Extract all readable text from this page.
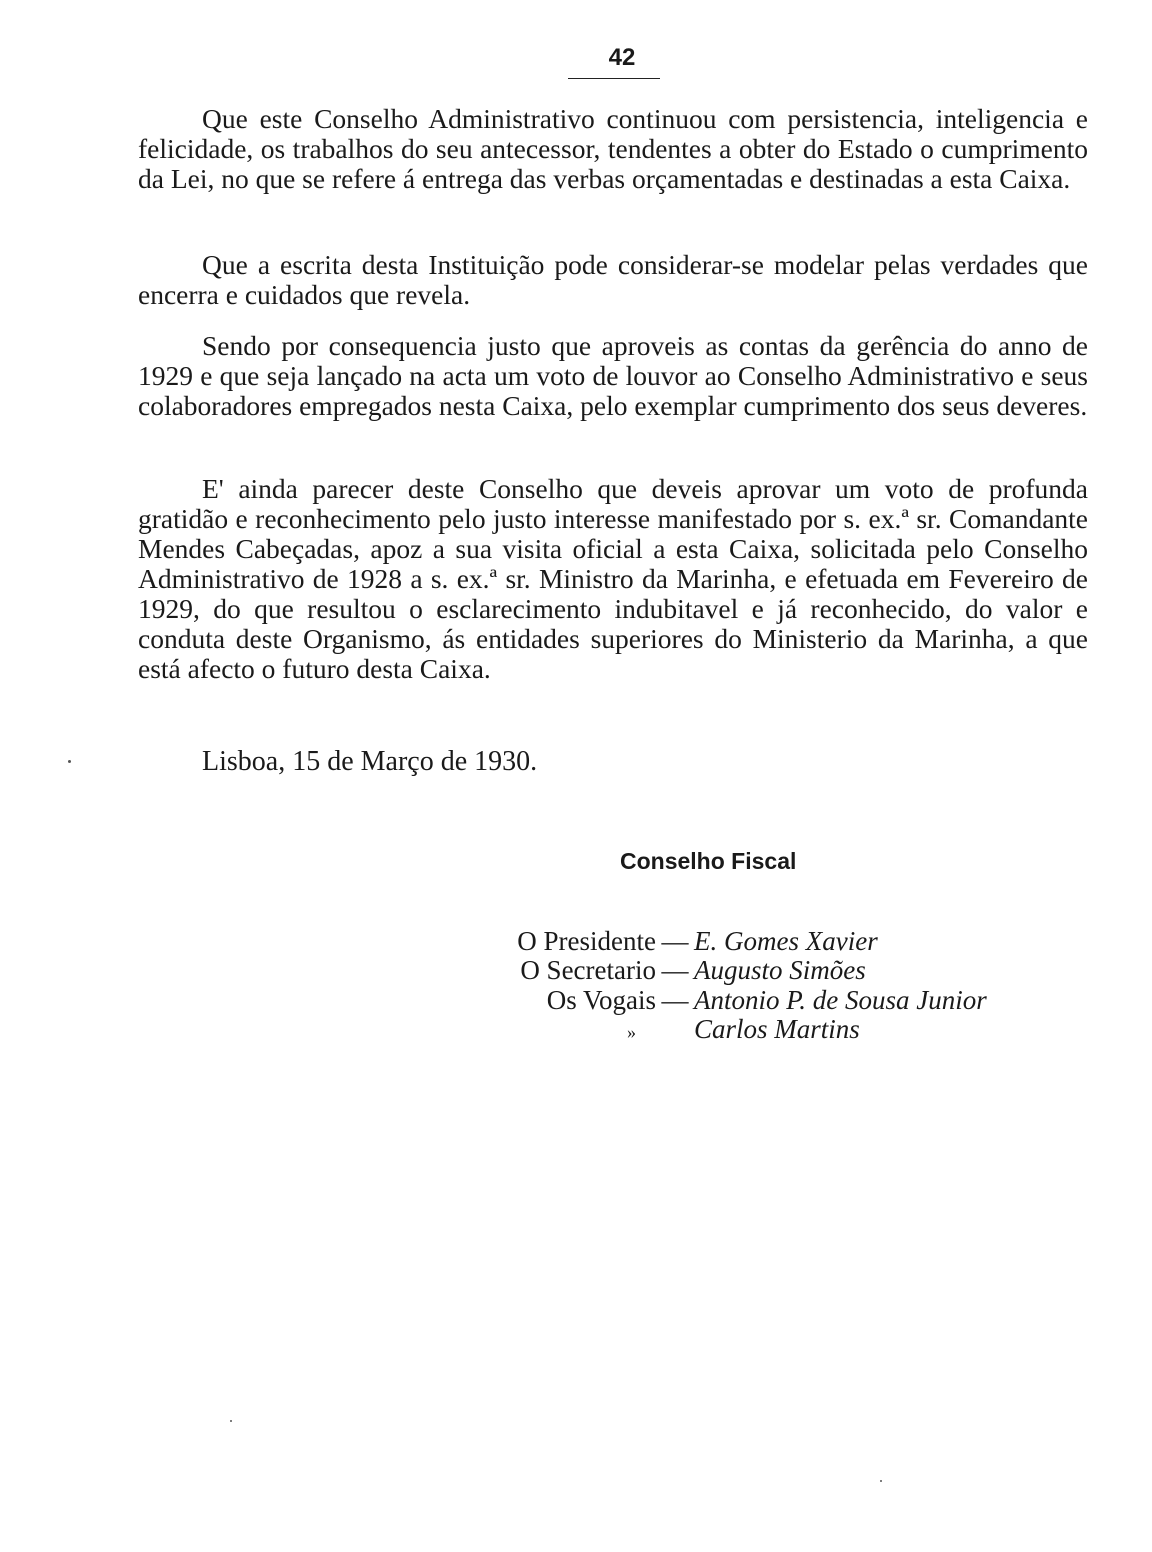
42

Que este Conselho Administrativo continuou com persistencia, inteligencia e felicidade, os trabalhos do seu antecessor, tendentes a obter do Estado o cumprimento da Lei, no que se refere á entrega das verbas orçamentadas e destinadas a esta Caixa.

Que a escrita desta Instituição pode considerar-se modelar pelas verdades que encerra e cuidados que revela.

Sendo por consequencia justo que aproveis as contas da gerência do anno de 1929 e que seja lançado na acta um voto de louvor ao Conselho Administrativo e seus colaboradores empregados nesta Caixa, pelo exemplar cumprimento dos seus deveres.

E' ainda parecer deste Conselho que deveis aprovar um voto de profunda gratidão e reconhecimento pelo justo interesse manifestado por s. ex.ª sr. Comandante Mendes Cabeçadas, apoz a sua visita oficial a esta Caixa, solicitada pelo Conselho Administrativo de 1928 a s. ex.ª sr. Ministro da Marinha, e efetuada em Fevereiro de 1929, do que resultou o esclarecimento indubitavel e já reconhecido, do valor e conduta deste Organismo, ás entidades superiores do Ministerio da Marinha, a que está afecto o futuro desta Caixa.

Lisboa, 15 de Março de 1930.

Conselho Fiscal

O Presidente — E. Gomes Xavier
O Secretario — Augusto Simões
Os Vogais — Antonio P. de Sousa Junior
» Carlos Martins
